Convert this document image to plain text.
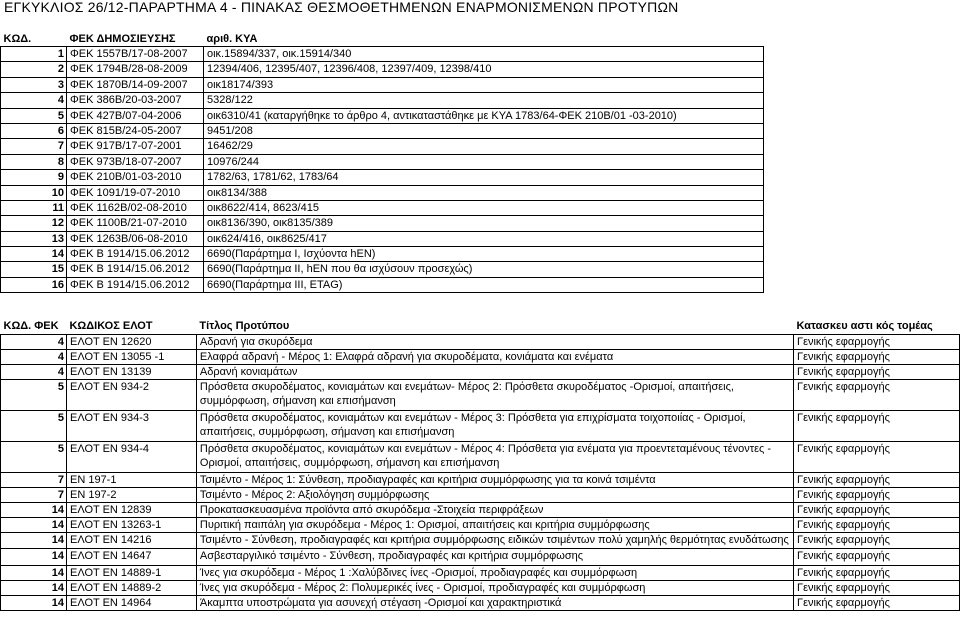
ΕΓΚΥΚΛΙΟΣ 26/12-ΠΑΡΑΡΤΗΜΑ 4 - ΠΙΝΑΚΑΣ ΘΕΣΜΟΘΕΤΗΜΕΝΩΝ ΕΝΑΡΜΟΝΙΣΜΕΝΩΝ ΠΡΟΤΥΠΩΝ
ΚΩΔ.	ΦΕΚ ΔΗΜΟΣΙΕΥΣΗΣ	αριθ. ΚΥΑ
1	ΦΕΚ 1557Β/17-08-2007	οικ.15894/337, οικ.15914/340
2	ΦΕΚ 1794Β/28-08-2009	12394/406, 12395/407, 12396/408, 12397/409, 12398/410
3	ΦΕΚ 1870Β/14-09-2007	οικ18174/393
4	ΦΕΚ 386Β/20-03-2007	5328/122
5	ΦΕΚ 427Β/07-04-2006	οικ6310/41 (καταργήθηκε το άρθρο 4, αντικαταστάθηκε με ΚΥΑ 1783/64-ΦΕΚ 210Β/01 -03-2010)
6	ΦΕΚ 815Β/24-05-2007	9451/208
7	ΦΕΚ 917Β/17-07-2001	16462/29
8	ΦΕΚ 973Β/18-07-2007	10976/244
9	ΦΕΚ 210Β/01-03-2010	1782/63, 1781/62, 1783/64
10	ΦΕΚ 1091/19-07-2010	οικ8134/388
11	ΦΕΚ 1162Β/02-08-2010	οικ8622/414, 8623/415
12	ΦΕΚ 1100Β/21-07-2010	οικ8136/390, οικ8135/389
13	ΦΕΚ 1263Β/06-08-2010	οικ624/416, οικ8625/417
14	ΦΕΚ Β 1914/15.06.2012	6690(Παράρτημα Ι, Ισχύοντα hEN)
15	ΦΕΚ Β 1914/15.06.2012	6690(Παράρτημα ΙΙ, hEN που θα ισχύσουν προσεχώς)
16	ΦΕΚ Β 1914/15.06.2012	6690(Παράρτημα ΙΙΙ, ETAG)
ΚΩΔ. ΦΕΚ	ΚΩΔΙΚΟΣ ΕΛΟΤ	Τίτλος Προτύπου	Κατασκευ αστι κός τομέας
4	ΕΛΟΤ ΕΝ 12620	Αδρανή για σκυρόδεμα	Γενικής εφαρμογής
4	ΕΛΟΤ ΕΝ 13055 -1	Ελαφρά αδρανή - Μέρος 1: Ελαφρά αδρανή για σκυροδέματα, κονιάματα και ενέματα	Γενικής εφαρμογής
4	ΕΛΟΤ ΕΝ 13139	Αδρανή κονιαμάτων	Γενικής εφαρμογής
5	ΕΛΟΤ ΕΝ 934-2	Πρόσθετα σκυροδέματος, κονιαμάτων και ενεμάτων- Μέρος 2: Πρόσθετα σκυροδέματος -Ορισμοί, απαιτήσεις, συμμόρφωση, σήμανση και επισήμανση	Γενικής εφαρμογής
5	ΕΛΟΤ ΕΝ 934-3	Πρόσθετα σκυροδέματος, κονιαμάτων και ενεμάτων - Μέρος 3: Πρόσθετα για επιχρίσματα τοιχοποιίας - Ορισμοί, απαιτήσεις, συμμόρφωση, σήμανση και επισήμανση	Γενικής εφαρμογής
5	ΕΛΟΤ ΕΝ 934-4	Πρόσθετα σκυροδέματος, κονιαμάτων και ενεμάτων - Μέρος 4: Πρόσθετα για ενέματα για προεντεταμένους τένοντες - Ορισμοί, απαιτήσεις, συμμόρφωση, σήμανση και επισήμανση	Γενικής εφαρμογής
7	ΕΝ 197-1	Τσιμέντο - Μέρος 1: Σύνθεση, προδιαγραφές και κριτήρια συμμόρφωσης για τα κοινά τσιμέντα	Γενικής εφαρμογής
7	ΕΝ 197-2	Τσιμέντο - Μέρος 2: Αξιολόγηση συμμόρφωσης	Γενικής εφαρμογής
14	ΕΛΟΤ ΕΝ 12839	Προκατασκευασμένα προϊόντα από σκυρόδεμα -Στοιχεία περιφράξεων	Γενικής εφαρμογής
14	ΕΛΟΤ ΕΝ 13263-1	Πυριτική παιπάλη για σκυρόδεμα - Μέρος 1: Ορισμοί, απαιτήσεις και κριτήρια συμμόρφωσης	Γενικής εφαρμογής
14	ΕΛΟΤ ΕΝ 14216	Τσιμέντο - Σύνθεση, προδιαγραφές και κριτήρια συμμόρφωσης ειδικών τσιμέντων πολύ χαμηλής θερμότητας ενυδάτωσης	Γενικής εφαρμογής
14	ΕΛΟΤ ΕΝ 14647	Ασβεσταργιλικό τσιμέντο - Σύνθεση, προδιαγραφές και κριτήρια συμμόρφωσης	Γενικής εφαρμογής
14	ΕΛΟΤ ΕΝ 14889-1	Ίνες για σκυρόδεμα - Μέρος 1 :Χαλύβδινες ίνες -Ορισμοί, προδιαγραφές και συμμόρφωση	Γενικής εφαρμογής
14	ΕΛΟΤ ΕΝ 14889-2	Ίνες για σκυρόδεμα - Μέρος 2: Πολυμερικές ίνες - Ορισμοί, προδιαγραφές και συμμόρφωση	Γενικής εφαρμογής
14	ΕΛΟΤ ΕΝ 14964	Άκαμπτα υποστρώματα για ασυνεχή στέγαση -Ορισμοί και χαρακτηριστικά	Γενικής εφαρμογής
